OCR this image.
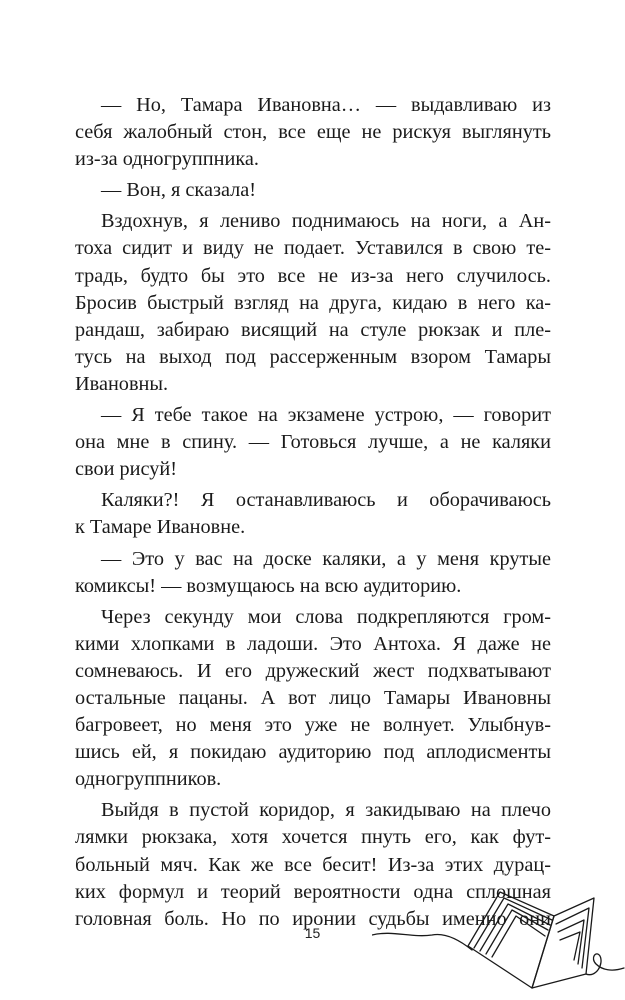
— Но, Тамара Ивановна… — выдавливаю из
себя жалобный стон, все еще не рискуя выглянуть
из-за одногруппника.
— Вон, я сказала!
Вздохнув, я лениво поднимаюсь на ноги, а Ан-
тоха сидит и виду не подает. Уставился в свою те-
традь, будто бы это все не из-за него случилось.
Бросив быстрый взгляд на друга, кидаю в него ка-
рандаш, забираю висящий на стуле рюкзак и пле-
тусь на выход под рассерженным взором Тамары
Ивановны.
— Я тебе такое на экзамене устрою, — говорит
она мне в спину. — Готовься лучше, а не каляки
свои рисуй!
Каляки?! Я останавливаюсь и оборачиваюсь
к Тамаре Ивановне.
— Это у вас на доске каляки, а у меня крутые
комиксы! — возмущаюсь на всю аудиторию.
Через секунду мои слова подкрепляются гром-
кими хлопками в ладоши. Это Антоха. Я даже не
сомневаюсь. И его дружеский жест подхватывают
остальные пацаны. А вот лицо Тамары Ивановны
багровеет, но меня это уже не волнует. Улыбнув-
шись ей, я покидаю аудиторию под аплодисменты
одногруппников.
Выйдя в пустой коридор, я закидываю на плечо
лямки рюкзака, хотя хочется пнуть его, как фут-
больный мяч. Как же все бесит! Из-за этих дурац-
ких формул и теорий вероятности одна сплошная
головная боль. Но по иронии судьбы именно они
15
